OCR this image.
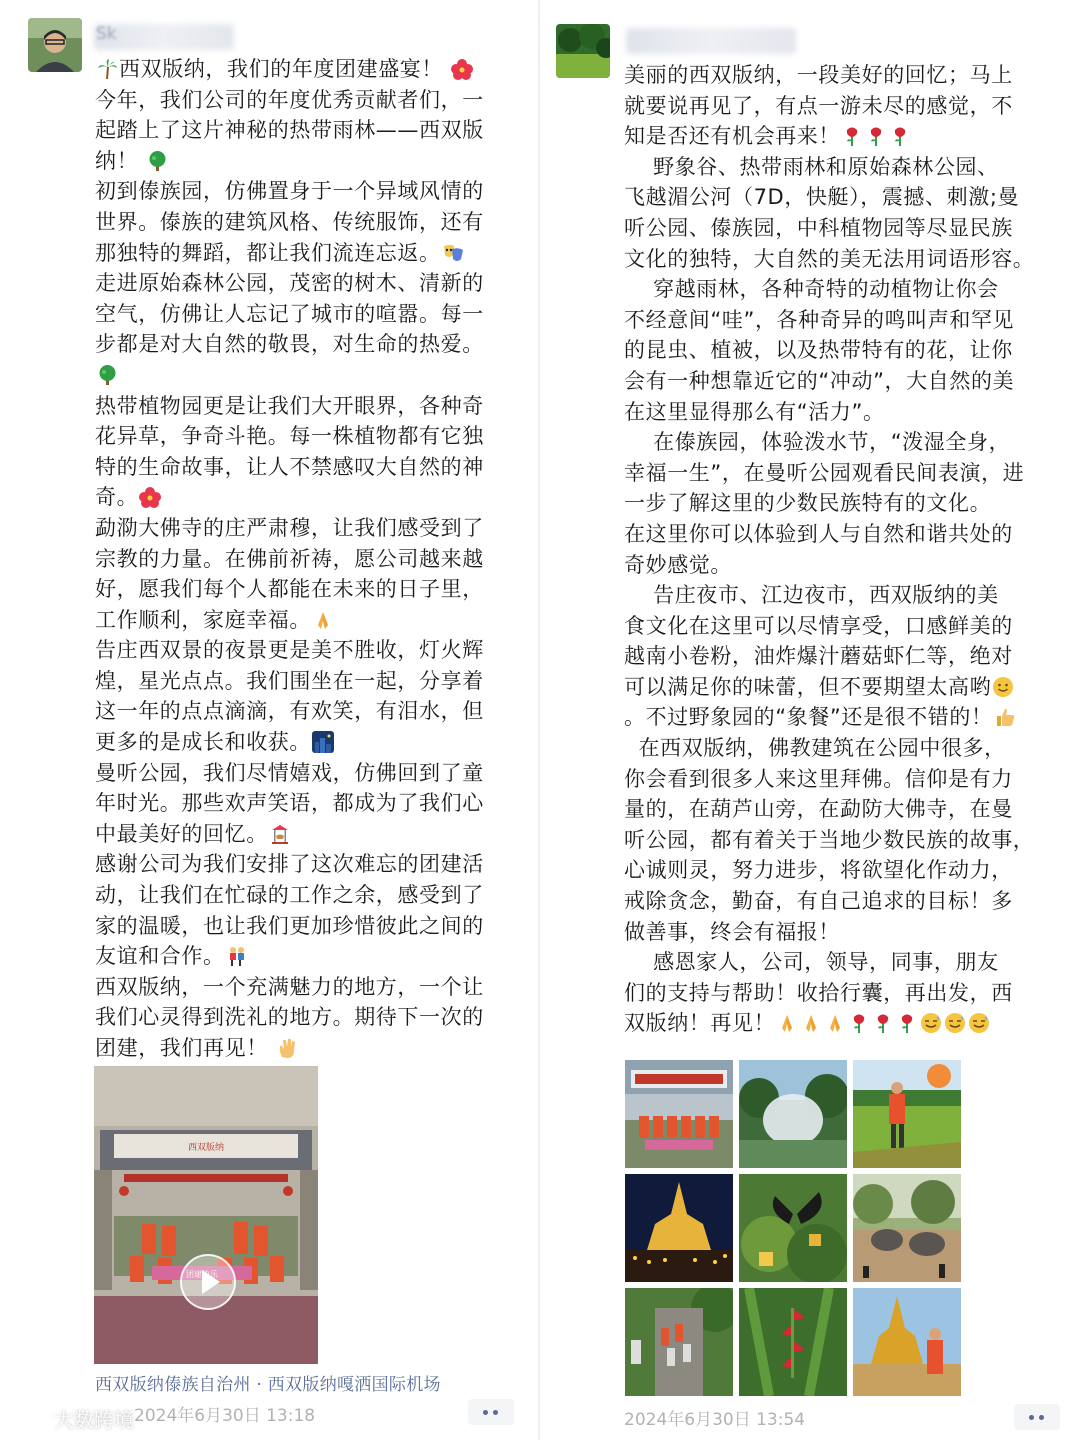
Sk
西双版纳，我们的年度团建盛宴！
今年，我们公司的年度优秀贡献者们，一
起踏上了这片神秘的热带雨林——西双版
纳！
初到傣族园，仿佛置身于一个异域风情的
世界。傣族的建筑风格、传统服饰，还有
那独特的舞蹈，都让我们流连忘返。
走进原始森林公园，茂密的树木、清新的
空气，仿佛让人忘记了城市的喧嚣。每一
步都是对大自然的敬畏，对生命的热爱。
热带植物园更是让我们大开眼界，各种奇
花异草，争奇斗艳。每一株植物都有它独
特的生命故事，让人不禁感叹大自然的神
奇。
勐泐大佛寺的庄严肃穆，让我们感受到了
宗教的力量。在佛前祈祷，愿公司越来越
好，愿我们每个人都能在未来的日子里，
工作顺利，家庭幸福。
告庄西双景的夜景更是美不胜收，灯火辉
煌，星光点点。我们围坐在一起，分享着
这一年的点点滴滴，有欢笑，有泪水，但
更多的是成长和收获。
曼听公园，我们尽情嬉戏，仿佛回到了童
年时光。那些欢声笑语，都成为了我们心
中最美好的回忆。
感谢公司为我们安排了这次难忘的团建活
动，让我们在忙碌的工作之余，感受到了
家的温暖，也让我们更加珍惜彼此之间的
友谊和合作。
西双版纳，一个充满魅力的地方，一个让
我们心灵得到洗礼的地方。期待下一次的
团建，我们再见！
西双版纳
团建快乐
西双版纳傣族自治州 · 西双版纳嘎洒国际机场
2024年6月30日 13:18
美丽的西双版纳，一段美好的回忆；马上
就要说再见了，有点一游未尽的感觉，不
知是否还有机会再来！
野象谷、热带雨林和原始森林公园、
飞越湄公河（7D，快艇），震撼、刺激;曼
听公园、傣族园，中科植物园等尽显民族
文化的独特，大自然的美无法用词语形容。
穿越雨林，各种奇特的动植物让你会
不经意间“哇”，各种奇异的鸣叫声和罕见
的昆虫、植被，以及热带特有的花，让你
会有一种想靠近它的“冲动”，大自然的美
在这里显得那么有“活力”。
在傣族园，体验泼水节，“泼湿全身，
幸福一生”，在曼听公园观看民间表演，进
一步了解这里的少数民族特有的文化。
在这里你可以体验到人与自然和谐共处的
奇妙感觉。
告庄夜市、江边夜市，西双版纳的美
食文化在这里可以尽情享受，口感鲜美的
越南小卷粉，油炸爆汁蘑菇虾仁等，绝对
可以满足你的味蕾，但不要期望太高哟
。不过野象园的“象餐”还是很不错的！
在西双版纳，佛教建筑在公园中很多，
你会看到很多人来这里拜佛。信仰是有力
量的，在葫芦山旁，在勐防大佛寺，在曼
听公园，都有着关于当地少数民族的故事，
心诚则灵，努力进步，将欲望化作动力，
戒除贪念，勤奋，有自己追求的目标！多
做善事，终会有福报！
感恩家人，公司，领导，同事，朋友
们的支持与帮助！收拾行囊，再出发，西
双版纳！再见！
2024年6月30日 13:54
大数跨境
